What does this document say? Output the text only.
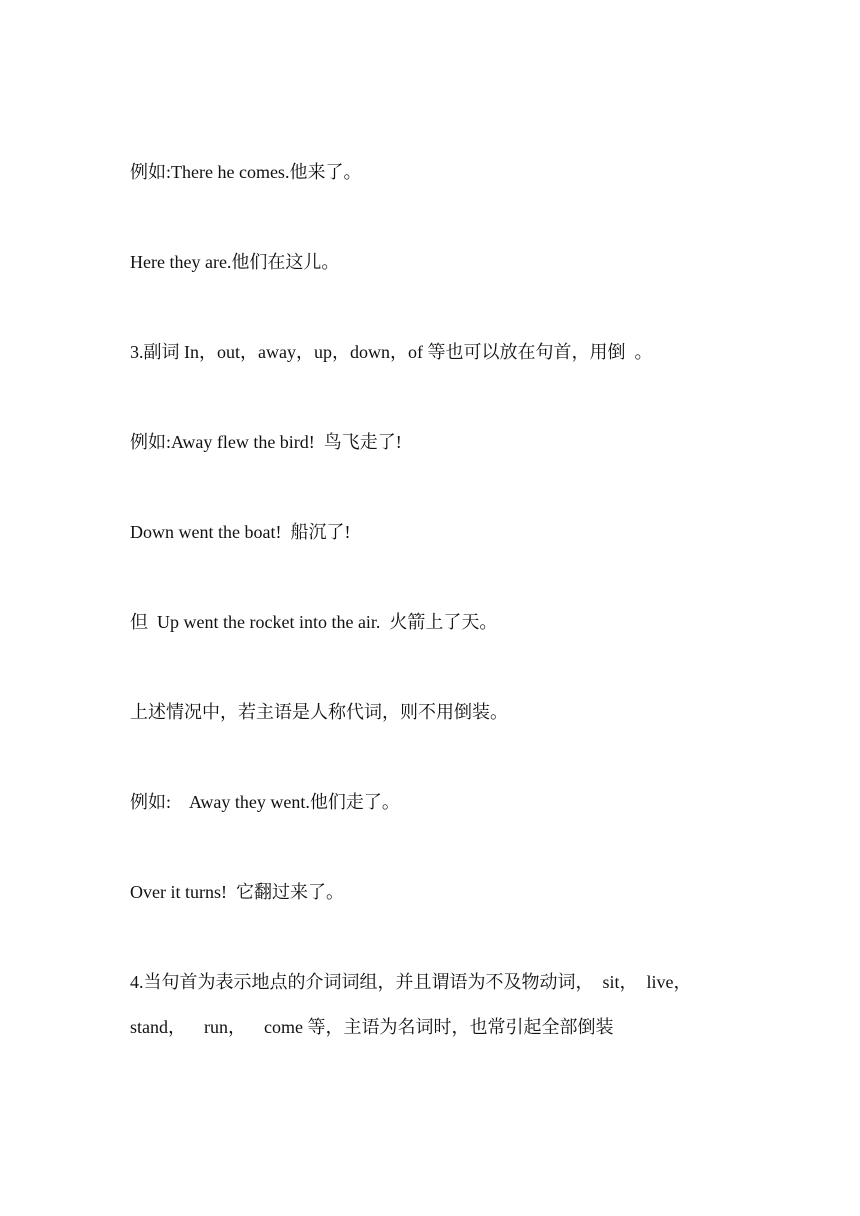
例如:There he comes.他来了。
Here they are.他们在这儿。
3.副词 In，out，away，up，down，of 等也可以放在句首，用倒  。
例如:Away flew the bird!  鸟飞走了!
Down went the boat!  船沉了!
但  Up went the rocket into the air.  火箭上了天。
上述情况中，若主语是人称代词，则不用倒装。
例如:    Away they went.他们走了。
Over it turns!  它翻过来了。
4.当句首为表示地点的介词词组，并且谓语为不及物动词，  sit，  live，
stand，    run，    come 等，主语为名词时，也常引起全部倒装
